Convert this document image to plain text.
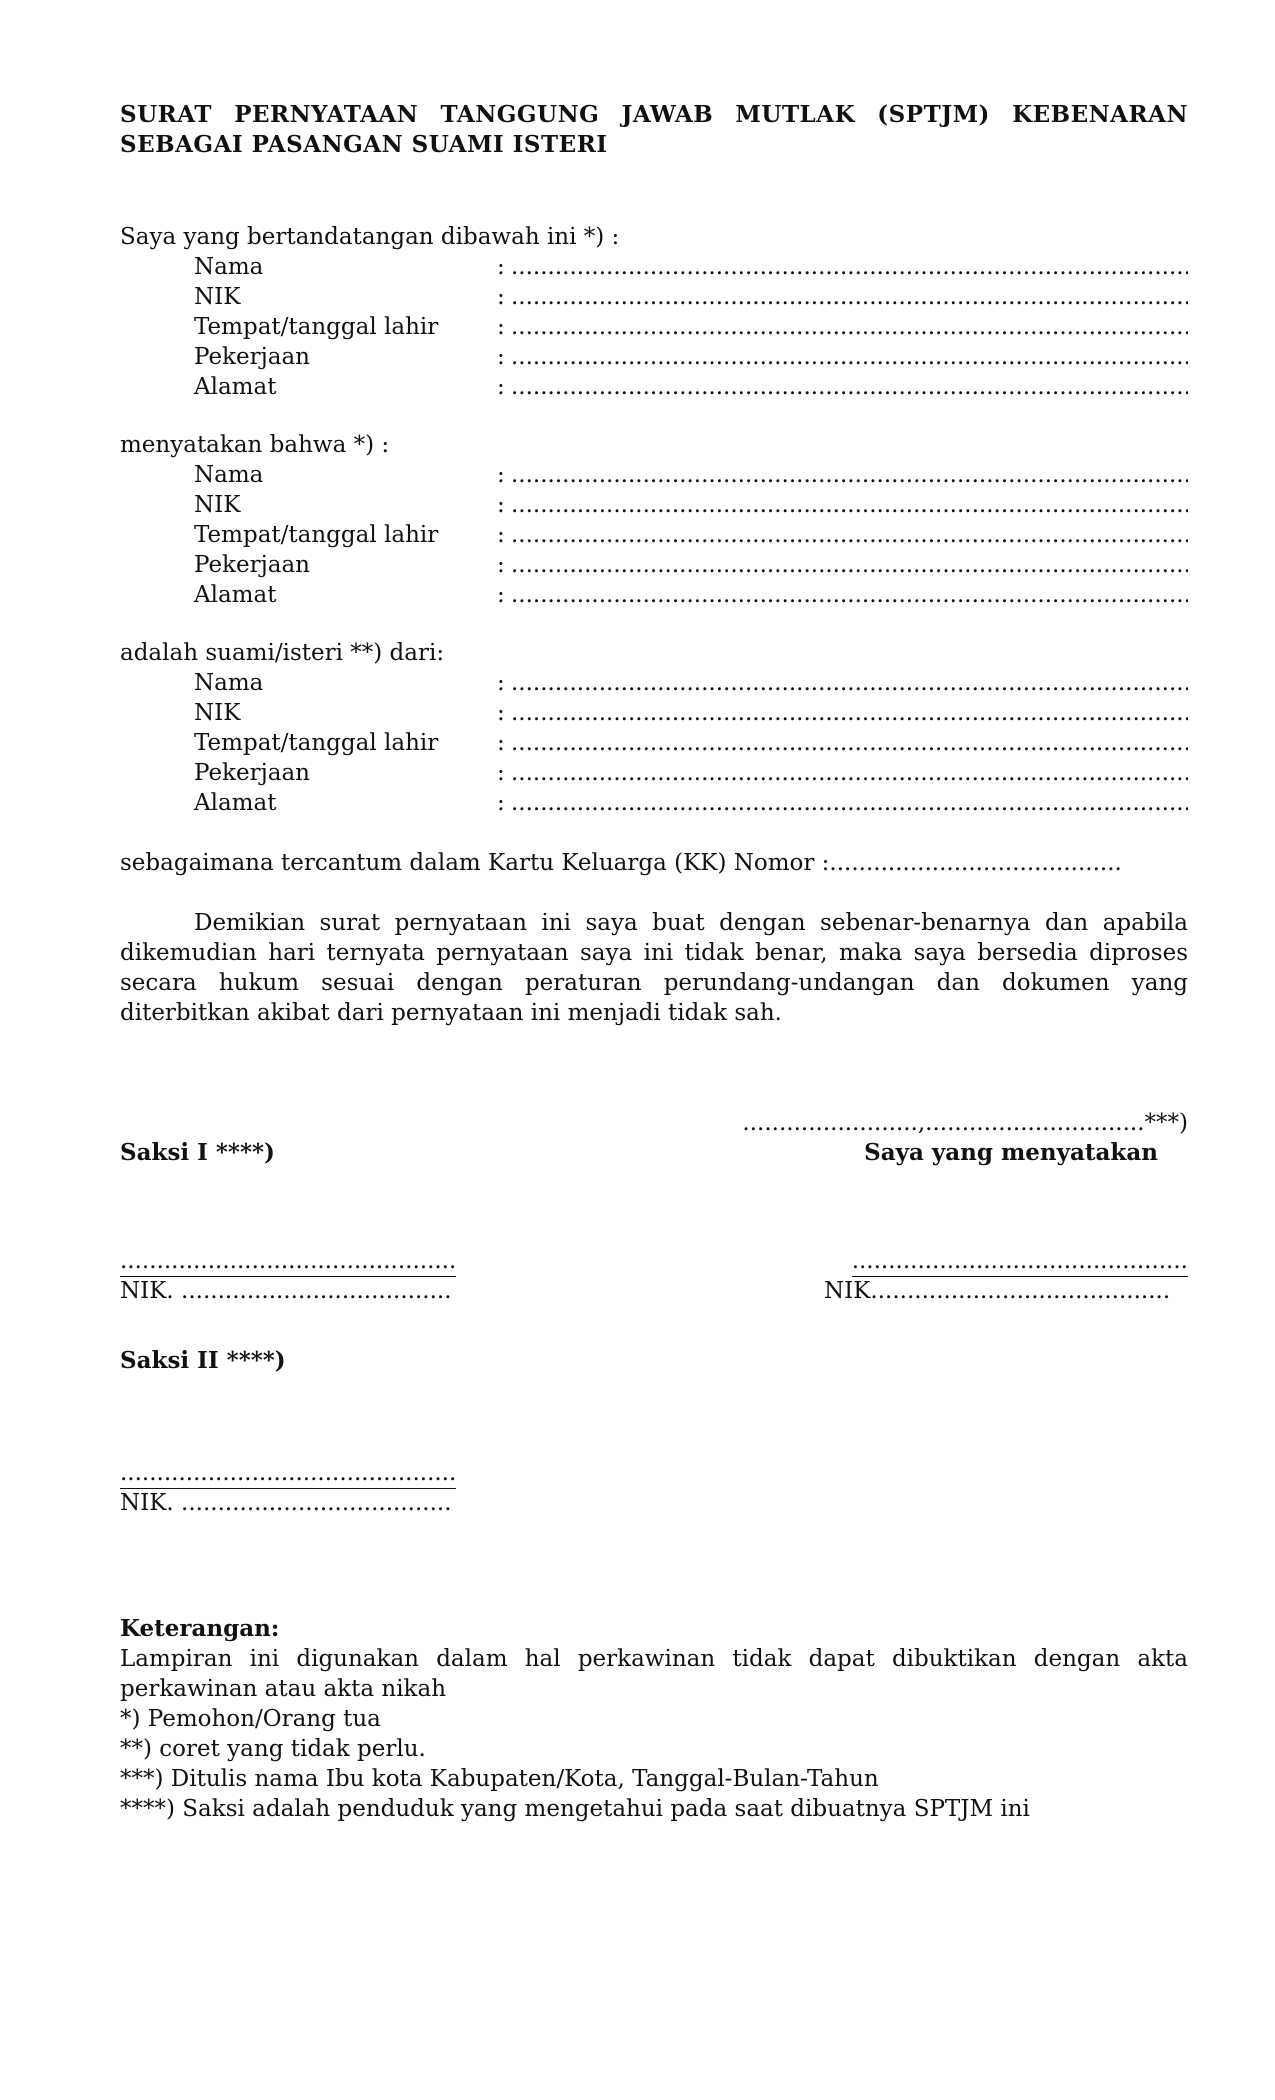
SURAT PERNYATAAN TANGGUNG JAWAB MUTLAK (SPTJM) KEBENARAN
SEBAGAI PASANGAN SUAMI ISTERI

Saya yang bertandatangan dibawah ini *) :

Nama	:
.....
NIK	:
.....
Tempat/tanggal lahir	:
.....
Pekerjaan	:
.....
Alamat	:
.....

menyatakan bahwa *) :

Nama	:
.....
NIK	:
.....
Tempat/tanggal lahir	:
.....
Pekerjaan	:
.....
Alamat	:
.....

adalah suami/isteri **) dari:

Nama	:
.....
NIK	:
.....
Tempat/tanggal lahir	:
.....
Pekerjaan	:
.....
Alamat	:
.....

sebagaimana tercantum dalam Kartu Keluarga (KK) Nomor :........................................

Demikian surat pernyataan ini saya buat dengan sebenar-benarnya dan apabila dikemudian hari ternyata pernyataan saya ini tidak benar, maka saya bersedia diproses secara hukum sesuai dengan peraturan perundang-undangan dan dokumen yang diterbitkan akibat dari pernyataan ini menjadi tidak sah.

........................,..............................***)
Saksi I ****)	Saya yang menyatakan
..............................................
NIK. .....................................
..............................................
NIK.........................................
Saksi II ****)
..............................................
NIK. .....................................

Keterangan:

Lampiran ini digunakan dalam hal perkawinan tidak dapat dibuktikan dengan akta perkawinan atau akta nikah

*) Pemohon/Orang tua

**) coret yang tidak perlu.

***) Ditulis nama Ibu kota Kabupaten/Kota, Tanggal-Bulan-Tahun

****) Saksi adalah penduduk yang mengetahui pada saat dibuatnya SPTJM ini
